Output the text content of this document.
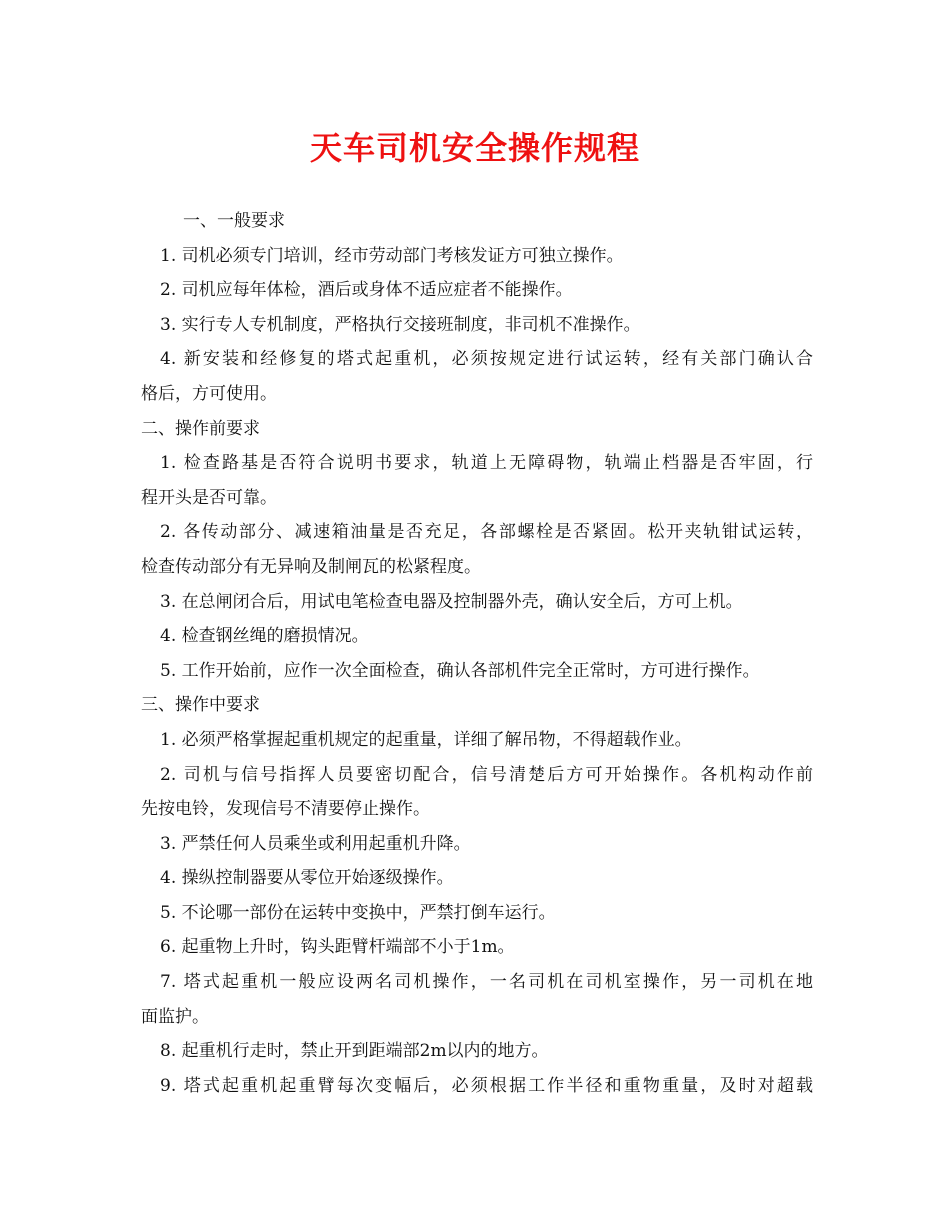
天车司机安全操作规程
一、一般要求
1. 司机必须专门培训，经市劳动部门考核发证方可独立操作。
2. 司机应每年体检，酒后或身体不适应症者不能操作。
3. 实行专人专机制度，严格执行交接班制度，非司机不准操作。
4. 新安装和经修复的塔式起重机，必须按规定进行试运转，经有关部门确认合
格后，方可使用。
二、操作前要求
1. 检查路基是否符合说明书要求，轨道上无障碍物，轨端止档器是否牢固，行
程开头是否可靠。
2. 各传动部分、减速箱油量是否充足，各部螺栓是否紧固。松开夹轨钳试运转，
检查传动部分有无异响及制闸瓦的松紧程度。
3. 在总闸闭合后，用试电笔检查电器及控制器外壳，确认安全后，方可上机。
4. 检查钢丝绳的磨损情况。
5. 工作开始前，应作一次全面检查，确认各部机件完全正常时，方可进行操作。
三、操作中要求
1. 必须严格掌握起重机规定的起重量，详细了解吊物，不得超载作业。
2. 司机与信号指挥人员要密切配合，信号清楚后方可开始操作。各机构动作前
先按电铃，发现信号不清要停止操作。
3. 严禁任何人员乘坐或利用起重机升降。
4. 操纵控制器要从零位开始逐级操作。
5. 不论哪一部份在运转中变换中，严禁打倒车运行。
6. 起重物上升时，钩头距臂杆端部不小于1m。
7. 塔式起重机一般应设两名司机操作，一名司机在司机室操作，另一司机在地
面监护。
8. 起重机行走时，禁止开到距端部2m以内的地方。
9. 塔式起重机起重臂每次变幅后，必须根据工作半径和重物重量，及时对超载
